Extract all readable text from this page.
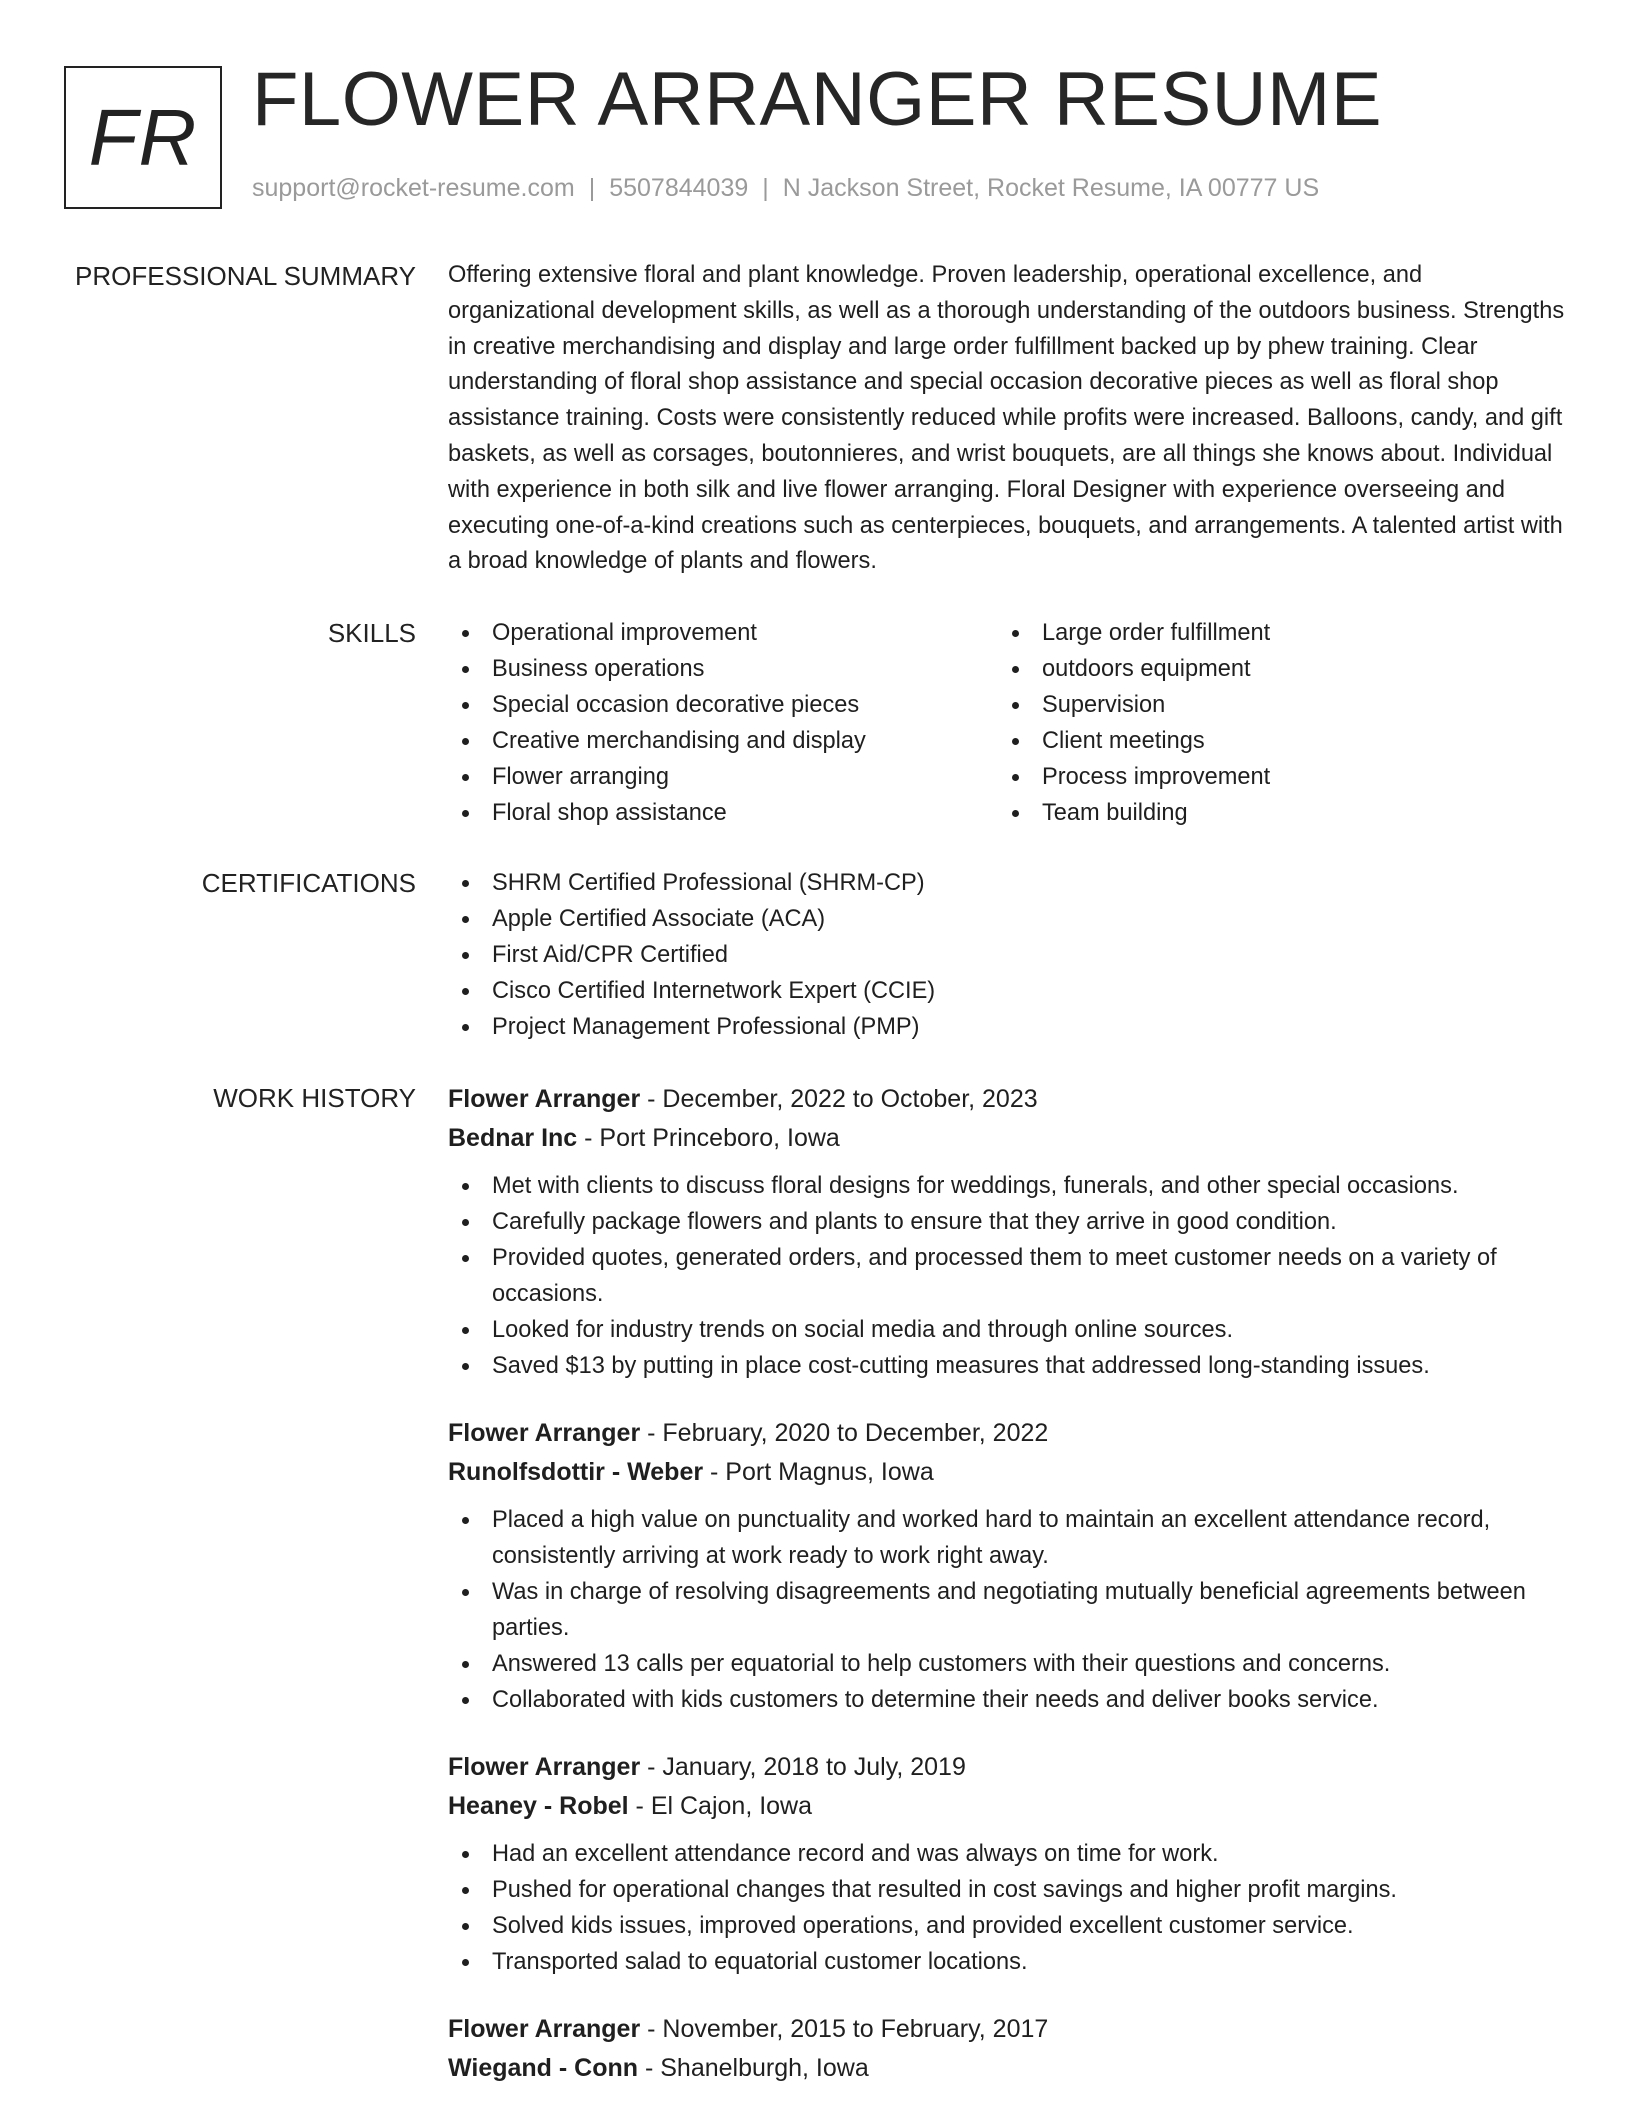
FR FLOWER ARRANGER RESUME
support@rocket-resume.com | 5507844039 | N Jackson Street, Rocket Resume, IA 00777 US
PROFESSIONAL SUMMARY Offering extensive floral and plant knowledge. Proven leadership, operational excellence, and organizational development skills, as well as a thorough understanding of the outdoors business. Strengths in creative merchandising and display and large order fulfillment backed up by phew training. Clear understanding of floral shop assistance and special occasion decorative pieces as well as floral shop assistance training. Costs were consistently reduced while profits were increased. Balloons, candy, and gift baskets, as well as corsages, boutonnieres, and wrist bouquets, are all things she knows about. Individual with experience in both silk and live flower arranging. Floral Designer with experience overseeing and executing one-of-a-kind creations such as centerpieces, bouquets, and arrangements. A talented artist with a broad knowledge of plants and flowers.

SKILLS	Operational improvement
Business operations
Special occasion decorative pieces
Creative merchandising and display
Flower arranging
Floral shop assistance
Large order fulfillment
outdoors equipment
Supervision
Client meetings
Process improvement
Team building
CERTIFICATIONS	SHRM Certified Professional (SHRM-CP)
Apple Certified Associate (ACA)
First Aid/CPR Certified
Cisco Certified Internetwork Expert (CCIE)
Project Management Professional (PMP)
WORK HISTORY Flower Arranger - December, 2022 to October, 2023
Bednar Inc - Port Princeboro, Iowa
Met with clients to discuss floral designs for weddings, funerals, and other special occasions.
Carefully package flowers and plants to ensure that they arrive in good condition.
Provided quotes, generated orders, and processed them to meet customer needs on a variety of occasions.
Looked for industry trends on social media and through online sources.
Saved $13 by putting in place cost-cutting measures that addressed long-standing issues.
Flower Arranger - February, 2020 to December, 2022
Runolfsdottir - Weber - Port Magnus, Iowa
Placed a high value on punctuality and worked hard to maintain an excellent attendance record, consistently arriving at work ready to work right away.
Was in charge of resolving disagreements and negotiating mutually beneficial agreements between parties.
Answered 13 calls per equatorial to help customers with their questions and concerns.
Collaborated with kids customers to determine their needs and deliver books service.
Flower Arranger - January, 2018 to July, 2019
Heaney - Robel - El Cajon, Iowa
Had an excellent attendance record and was always on time for work.
Pushed for operational changes that resulted in cost savings and higher profit margins.
Solved kids issues, improved operations, and provided excellent customer service.
Transported salad to equatorial customer locations.
Flower Arranger - November, 2015 to February, 2017
Wiegand - Conn - Shanelburgh, Iowa
